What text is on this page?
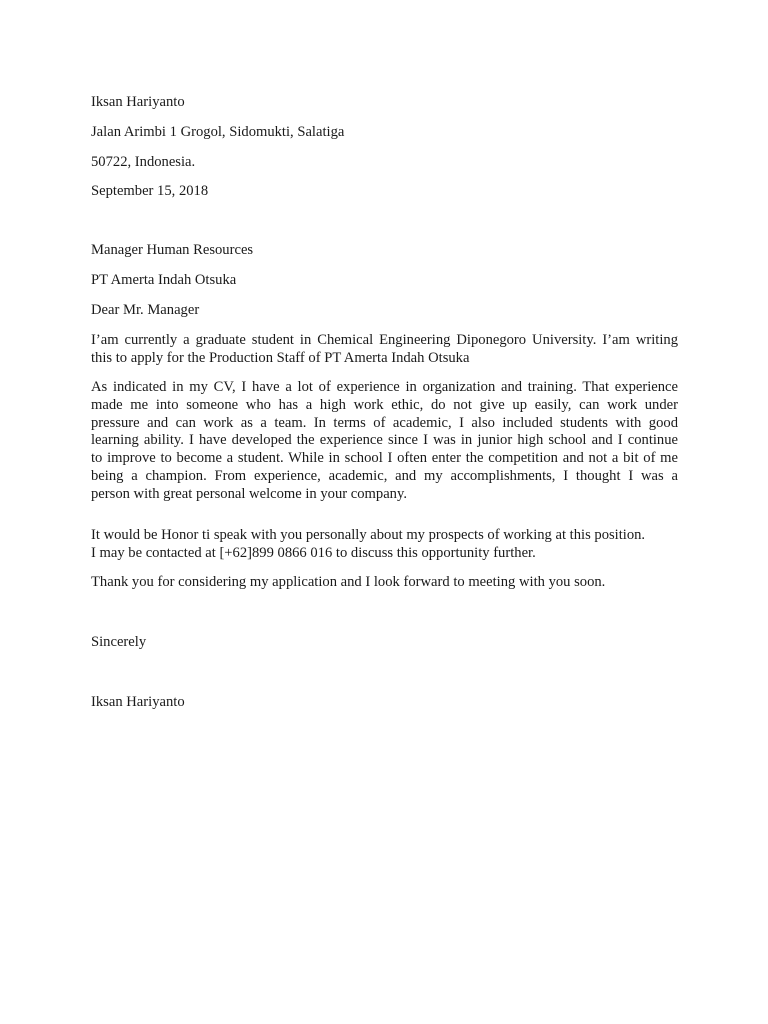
Iksan Hariyanto
Jalan Arimbi 1 Grogol, Sidomukti, Salatiga
50722, Indonesia.
September 15, 2018
Manager Human Resources
PT Amerta Indah Otsuka
Dear Mr. Manager
I’am currently a graduate student in Chemical Engineering Diponegoro University. I’am writing
this to apply for the Production Staff of PT Amerta Indah Otsuka
As indicated in my CV, I have a lot of experience in organization and training. That experience
made me into someone who has a high work ethic, do not give up easily, can work under
pressure and can work as a team. In terms of academic, I also included students with good
learning ability. I have developed the experience since I was in junior high school and I continue
to improve to become a student. While in school I often enter the competition and not a bit of me
being a champion. From experience, academic, and my accomplishments, I thought I was a
person with great personal welcome in your company.
It would be Honor ti speak with you personally about my prospects of working at this position.
I may be contacted at [+62]899 0866 016 to discuss this opportunity further.
Thank you for considering my application and I look forward to meeting with you soon.
Sincerely
Iksan Hariyanto
